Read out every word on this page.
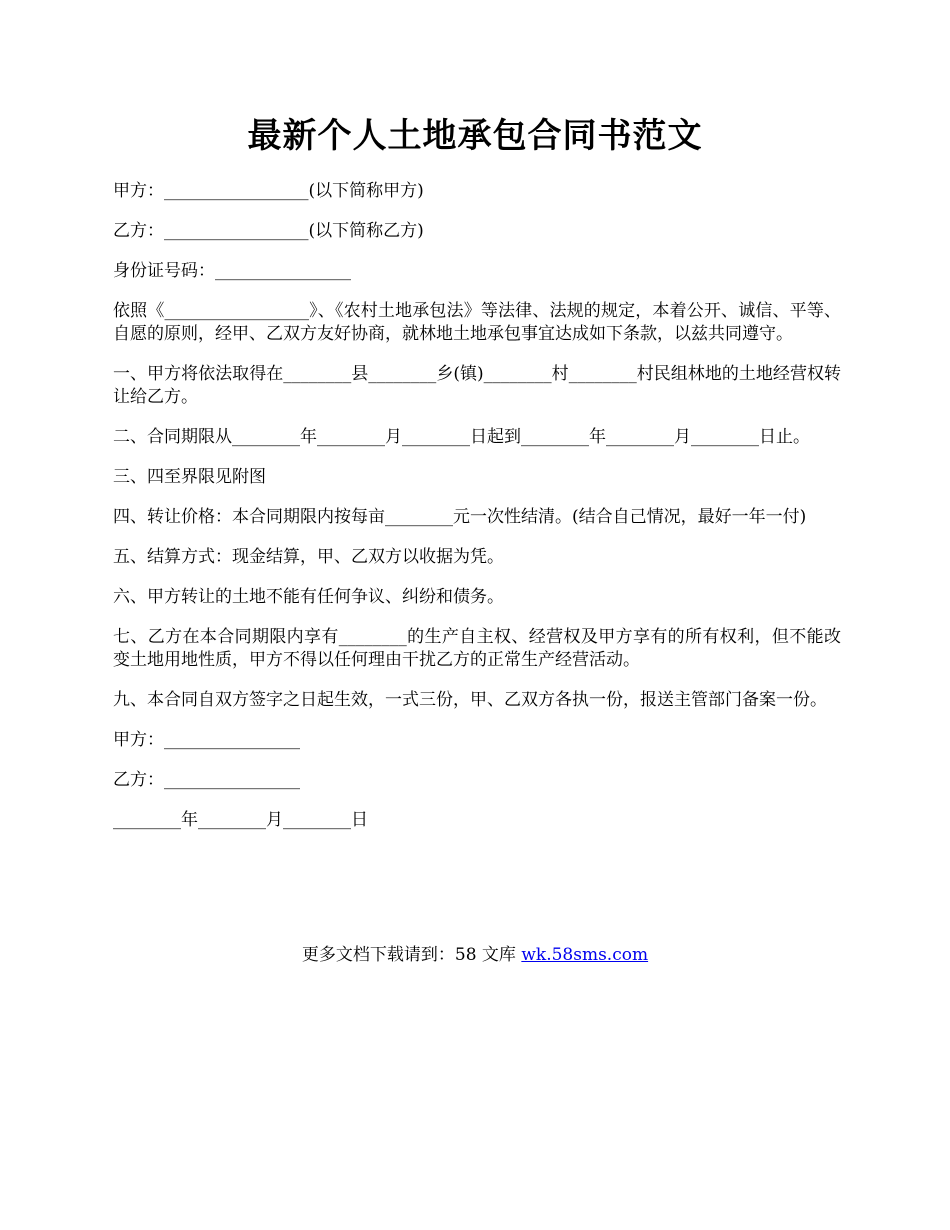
最新个人土地承包合同书范文

甲方：_________________(以下简称甲方)

乙方：_________________(以下简称乙方)

身份证号码：________________

依照《_________________》、《农村土地承包法》等法律、法规的规定，本着公开、诚信、平等、自愿的原则，经甲、乙双方友好协商，就林地土地承包事宜达成如下条款，以兹共同遵守。

一、甲方将依法取得在________县________乡(镇)________村________村民组林地的土地经营权转让给乙方。

二、合同期限从________年________月________日起到________年________月________日止。

三、四至界限见附图

四、转让价格：本合同期限内按每亩________元一次性结清。(结合自己情况，最好一年一付)

五、结算方式：现金结算，甲、乙双方以收据为凭。

六、甲方转让的土地不能有任何争议、纠纷和债务。

七、乙方在本合同期限内享有________的生产自主权、经营权及甲方享有的所有权利，但不能改变土地用地性质，甲方不得以任何理由干扰乙方的正常生产经营活动。

九、本合同自双方签字之日起生效，一式三份，甲、乙双方各执一份，报送主管部门备案一份。

甲方：________________

乙方：________________

________年________月________日

更多文档下载请到：58 文库 wk.58sms.com
